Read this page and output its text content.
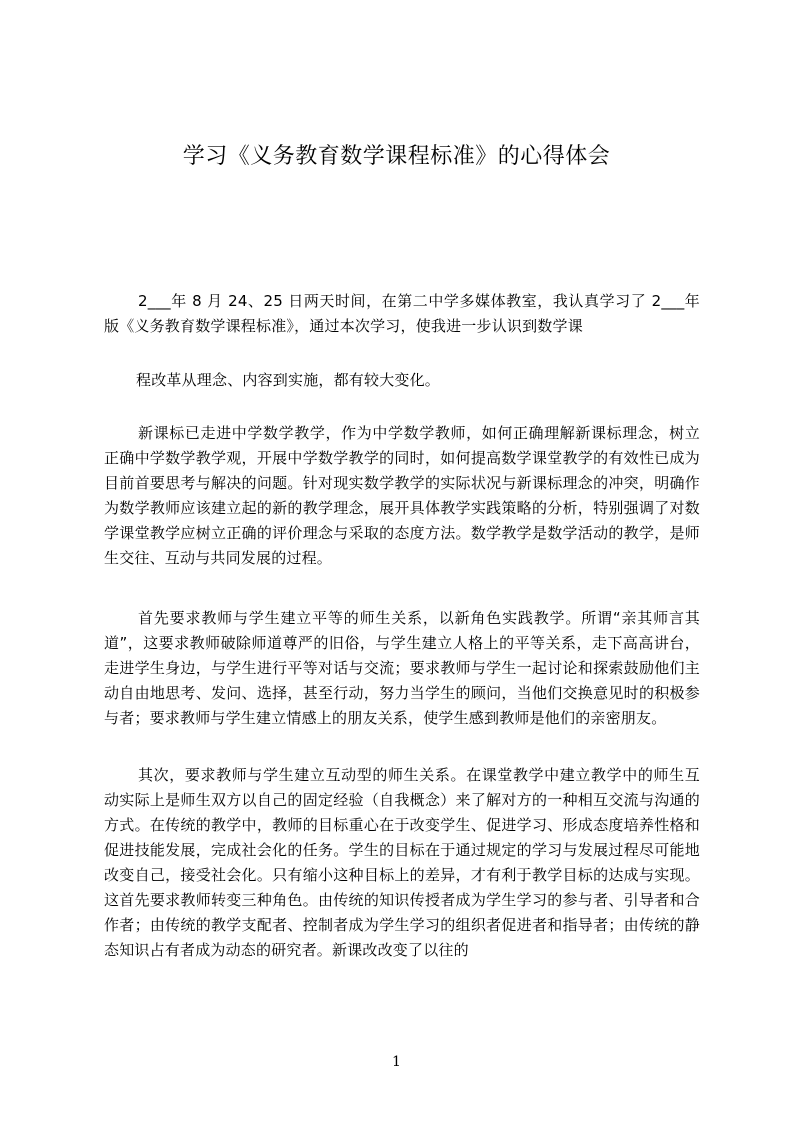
学习《义务教育数学课程标准》的心得体会

2___年 8 月 24、25 日两天时间，在第二中学多媒体教室，我认真学习了 2___年版《义务教育数学课程标准》，通过本次学习，使我进一步认识到数学课

程改革从理念、内容到实施，都有较大变化。

新课标已走进中学数学教学，作为中学数学教师，如何正确理解新课标理念，树立正确中学数学教学观，开展中学数学教学的同时，如何提高数学课堂教学的有效性已成为目前首要思考与解决的问题。针对现实数学教学的实际状况与新课标理念的冲突，明确作为数学教师应该建立起的新的教学理念，展开具体教学实践策略的分析，特别强调了对数学课堂教学应树立正确的评价理念与采取的态度方法。数学教学是数学活动的教学，是师生交往、互动与共同发展的过程。

首先要求教师与学生建立平等的师生关系，以新角色实践教学。所谓“亲其师言其道”，这要求教师破除师道尊严的旧俗，与学生建立人格上的平等关系，走下高高讲台，走进学生身边，与学生进行平等对话与交流；要求教师与学生一起讨论和探索鼓励他们主动自由地思考、发问、选择，甚至行动，努力当学生的顾问，当他们交换意见时的积极参与者；要求教师与学生建立情感上的朋友关系，使学生感到教师是他们的亲密朋友。

其次，要求教师与学生建立互动型的师生关系。在课堂教学中建立教学中的师生互动实际上是师生双方以自己的固定经验（自我概念）来了解对方的一种相互交流与沟通的方式。在传统的教学中，教师的目标重心在于改变学生、促进学习、形成态度培养性格和促进技能发展，完成社会化的任务。学生的目标在于通过规定的学习与发展过程尽可能地改变自己，接受社会化。只有缩小这种目标上的差异，才有利于教学目标的达成与实现。这首先要求教师转变三种角色。由传统的知识传授者成为学生学习的参与者、引导者和合作者；由传统的教学支配者、控制者成为学生学习的组织者促进者和指导者；由传统的静态知识占有者成为动态的研究者。新课改改变了以往的

1
